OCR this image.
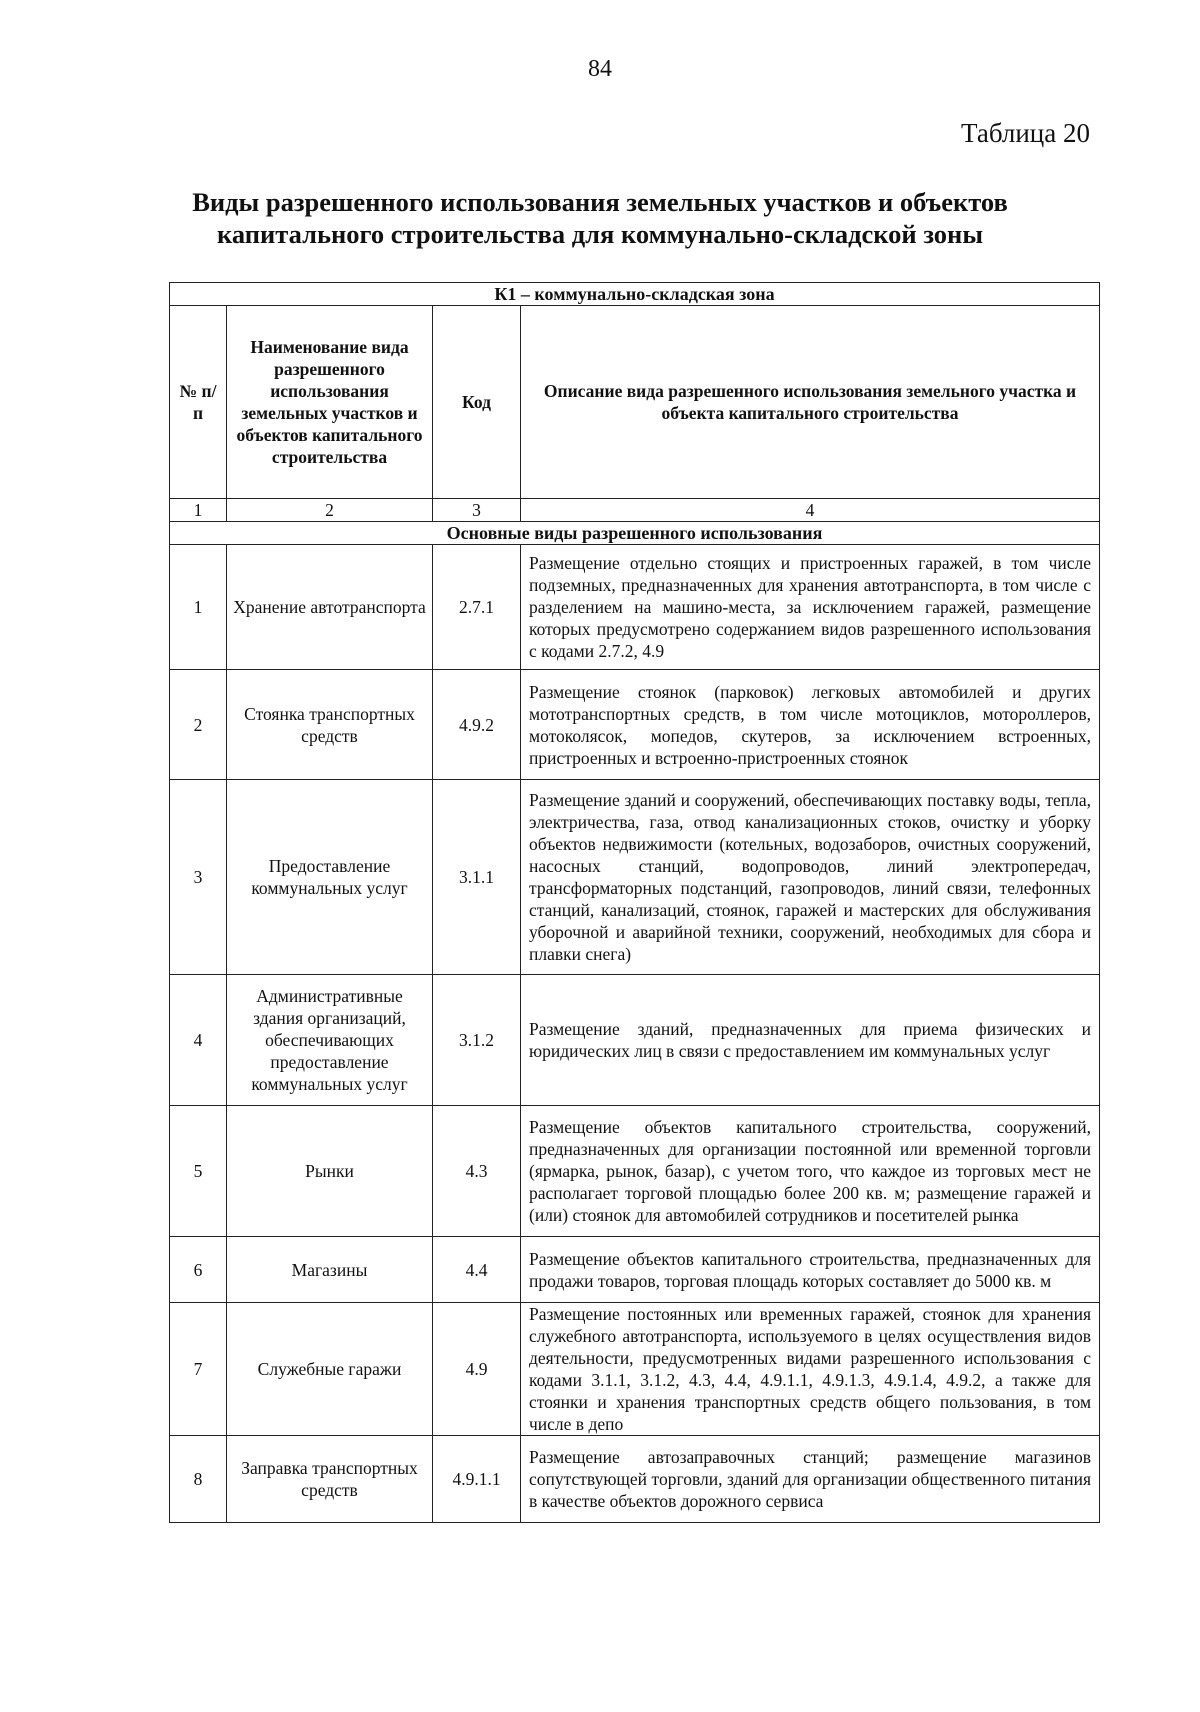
84
Таблица 20
Виды разрешенного использования земельных участков и объектов
капитального строительства для коммунально-складской зоны
К1 – коммунально-складская зона			
№ п/п	Наименование вида разрешенного использования земельных участков и объектов капитального строительства	Код	Описание вида разрешенного использования земельного участка и объекта капитального строительства
1	2	3	4
Основные виды разрешенного использования			
1	Хранение автотранспорта	2.7.1	Размещение отдельно стоящих и пристроенных гаражей, в том числе подземных, предназначенных для хранения автотранспорта, в том числе с разделением на машино-места, за исключением гаражей, размещение которых предусмотрено содержанием видов разрешенного использования с кодами 2.7.2, 4.9
2	Стоянка транспортных средств	4.9.2	Размещение стоянок (парковок) легковых автомобилей и других мототранспортных средств, в том числе мотоциклов, мотороллеров, мотоколясок, мопедов, скутеров, за исключением встроенных, пристроенных и встроенно-пристроенных стоянок
3	Предоставление коммунальных услуг	3.1.1	Размещение зданий и сооружений, обеспечивающих поставку воды, тепла, электричества, газа, отвод канализационных стоков, очистку и уборку объектов недвижимости (котельных, водозаборов, очистных сооружений, насосных станций, водопроводов, линий электропередач, трансформаторных подстанций, газопроводов, линий связи, телефонных станций, канализаций, стоянок, гаражей и мастерских для обслуживания уборочной и аварийной техники, сооружений, необходимых для сбора и плавки снега)
4	Административные здания организаций, обеспечивающих предоставление коммунальных услуг	3.1.2	Размещение зданий, предназначенных для приема физических и юридических лиц в связи с предоставлением им коммунальных услуг
5	Рынки	4.3	Размещение объектов капитального строительства, сооружений, предназначенных для организации постоянной или временной торговли (ярмарка, рынок, базар), с учетом того, что каждое из торговых мест не располагает торговой площадью более 200 кв. м; размещение гаражей и (или) стоянок для автомобилей сотрудников и посетителей рынка
6	Магазины	4.4	Размещение объектов капитального строительства, предназначенных для продажи товаров, торговая площадь которых составляет до 5000 кв. м
7	Служебные гаражи	4.9	Размещение постоянных или временных гаражей, стоянок для хранения служебного автотранспорта, используемого в целях осуществления видов деятельности, предусмотренных видами разрешенного использования с кодами 3.1.1, 3.1.2, 4.3, 4.4, 4.9.1.1, 4.9.1.3, 4.9.1.4, 4.9.2, а также для стоянки и хранения транспортных средств общего пользования, в том числе в депо
8	Заправка транспортных средств	4.9.1.1	Размещение автозаправочных станций; размещение магазинов сопутствующей торговли, зданий для организации общественного питания в качестве объектов дорожного сервиса
